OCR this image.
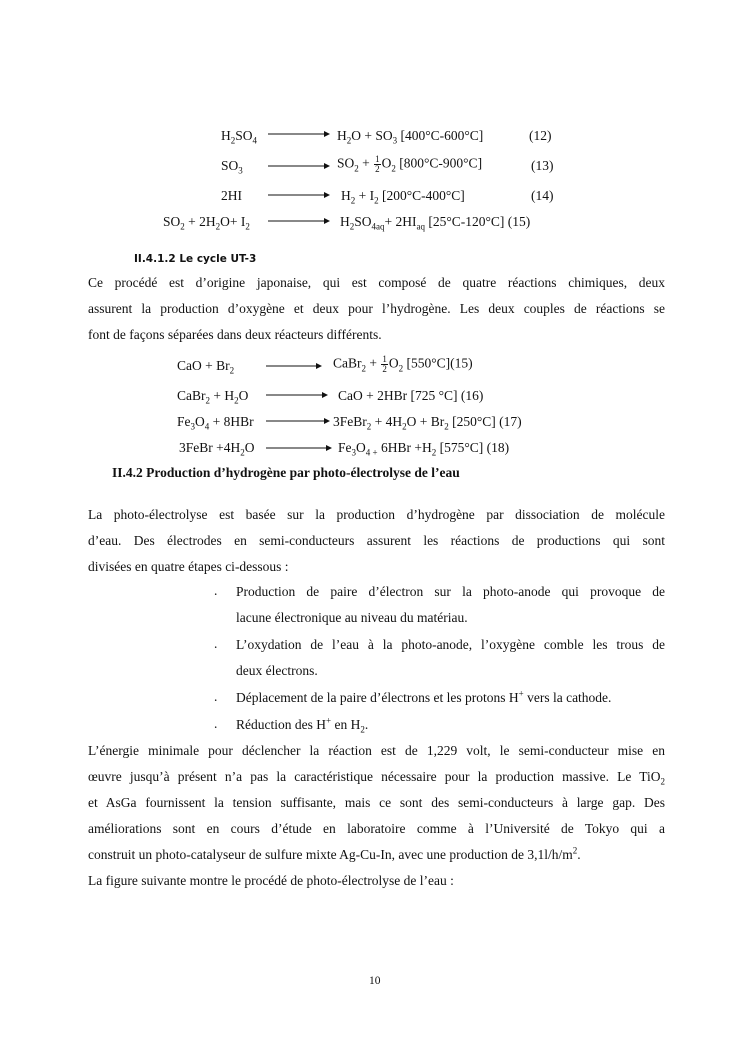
$H_2SO_4 \to H_2O + SO_3$ [400°C-600°C]	(12)
$SO_3 \to SO_2 + \frac{1}{2} O_2$ [800°C-900°C]	(13)
$2HI \to H_2 + I_2$ [200°C-400°C]	(14)
$SO_2 + 2H_2O+ I_2 \to H_2SO_{4aq}+ 2HI_{aq}$ [25°C-120°C] (15)
II.4.1.2 Le cycle UT-3
Ce procédé est d’origine japonaise, qui est composé de quatre réactions chimiques, deux
assurent la production d’oxygène et deux pour l’hydrogène. Les deux couples de réactions se
font de façons séparées dans deux réacteurs différents.
CaO + $Br_2$ → CaBr$_2$ + $\frac{1}{2} O_2$ [550°C](15)
CaBr$_2$ + $H_2O$ → CaO + 2HBr [725 °C] (16)
$Fe_3O_4 + 8HBr$ → 3FeBr$_2$ + $4H_2O + Br_2$ [250°C] (17)
3FeBr $+4H_2O$	$Fe_3O_{4 +}$ $6HBr +H_2$ [575°C] (18)
II.4.2 Production d’hydrogène par photo-électrolyse de l’eau
La photo-électrolyse est basée sur la production d’hydrogène par dissociation de molécule
d’eau. Des électrodes en semi-conducteurs assurent les réactions de productions qui sont
divisées en quatre étapes ci-dessous :
. Production de paire d’électron sur la photo-anode qui provoque de
lacune électronique au niveau du matériau.
. L’oxydation de l’eau à la photo-anode, l’oxygène comble les trous de
deux électrons.
. Déplacement de la paire d’électrons et les protons H+ vers la cathode.
. Réduction des H+ en $H_2$.
L’énergie minimale pour déclencher la réaction est de 1,229 volt, le semi-conducteur mise en
œuvre jusqu’à présent n’a pas la caractéristique nécessaire pour la production massive. Le TiO$_2$
et AsGa fournissent la tension suffisante, mais ce sont des semi-conducteurs à large gap. Des
améliorations sont en cours d’étude en laboratoire comme à l’Université de Tokyo qui a
construit un photo-catalyseur de sulfure mixte Ag-Cu-In, avec une production de $3,1l/h/m^2$.
La figure suivante montre le procédé de photo-électrolyse de l’eau :
10
